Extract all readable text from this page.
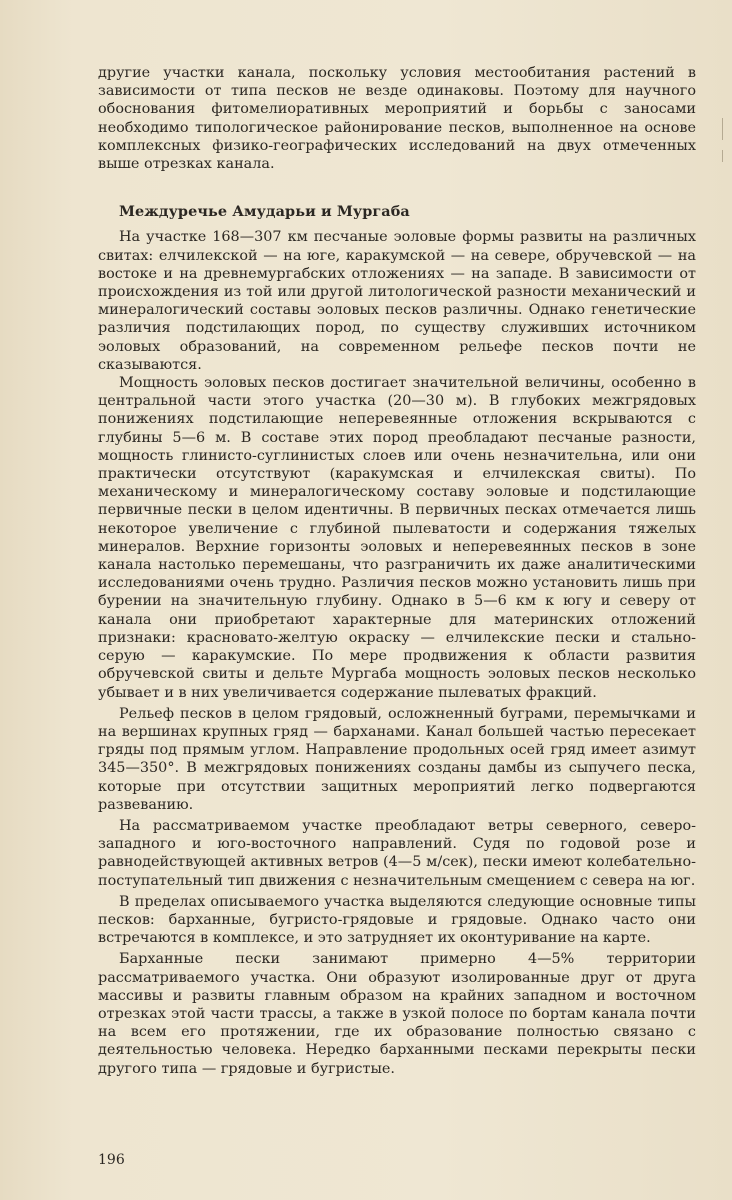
другие участки канала, поскольку условия местообитания растений в зависимости от типа песков не везде одинаковы. Поэтому для научного обоснования фитомелиоративных мероприятий и борьбы с заносами необходимо типологическое районирование песков, выполненное на основе комплексных физико-географических исследований на двух отмеченных выше отрезках канала.

Междуречье Амударьи и Мургаба

На участке 168—307 км песчаные эоловые формы развиты на различных свитах: елчилекской — на юге, каракумской — на севере, обручевской — на востоке и на древнемургабских отложениях — на западе. В зависимости от происхождения из той или другой литологической разности механический и минералогический составы эоловых песков различны. Однако генетические различия подстилающих пород, по существу служивших источником эоловых образований, на современном рельефе песков почти не сказываются.

Мощность эоловых песков достигает значительной величины, особенно в центральной части этого участка (20—30 м). В глубоких межгрядовых понижениях подстилающие неперевеянные отложения вскрываются с глубины 5—6 м. В составе этих пород преобладают песчаные разности, мощность глинисто-суглинистых слоев или очень незначительна, или они практически отсутствуют (каракумская и елчилекская свиты). По механическому и минералогическому составу эоловые и подстилающие первичные пески в целом идентичны. В первичных песках отмечается лишь некоторое увеличение с глубиной пылеватости и содержания тяжелых минералов. Верхние горизонты эоловых и неперевеянных песков в зоне канала настолько перемешаны, что разграничить их даже аналитическими исследованиями очень трудно. Различия песков можно установить лишь при бурении на значительную глубину. Однако в 5—6 км к югу и северу от канала они приобретают характерные для материнских отложений признаки: красновато-желтую окраску — елчилекские пески и стально-серую — каракумские. По мере продвижения к области развития обручевской свиты и дельте Мургаба мощность эоловых песков несколько убывает и в них увеличивается содержание пылеватых фракций.

Рельеф песков в целом грядовый, осложненный буграми, перемычками и на вершинах крупных гряд — барханами. Канал большей частью пересекает гряды под прямым углом. Направление продольных осей гряд имеет азимут 345—350°. В межгрядовых понижениях созданы дамбы из сыпучего песка, которые при отсутствии защитных мероприятий легко подвергаются развеванию.

На рассматриваемом участке преобладают ветры северного, северо-западного и юго-восточного направлений. Судя по годовой розе и равнодействующей активных ветров (4—5 м/сек), пески имеют колебательно-поступательный тип движения с незначительным смещением с севера на юг.

В пределах описываемого участка выделяются следующие основные типы песков: барханные, бугристо-грядовые и грядовые. Однако часто они встречаются в комплексе, и это затрудняет их оконтуривание на карте.

Барханные пески занимают примерно 4—5% территории рассматриваемого участка. Они образуют изолированные друг от друга массивы и развиты главным образом на крайних западном и восточном отрезках этой части трассы, а также в узкой полосе по бортам канала почти на всем его протяжении, где их образование полностью связано с деятельностью человека. Нередко барханными песками перекрыты пески другого типа — грядовые и бугристые.

196
